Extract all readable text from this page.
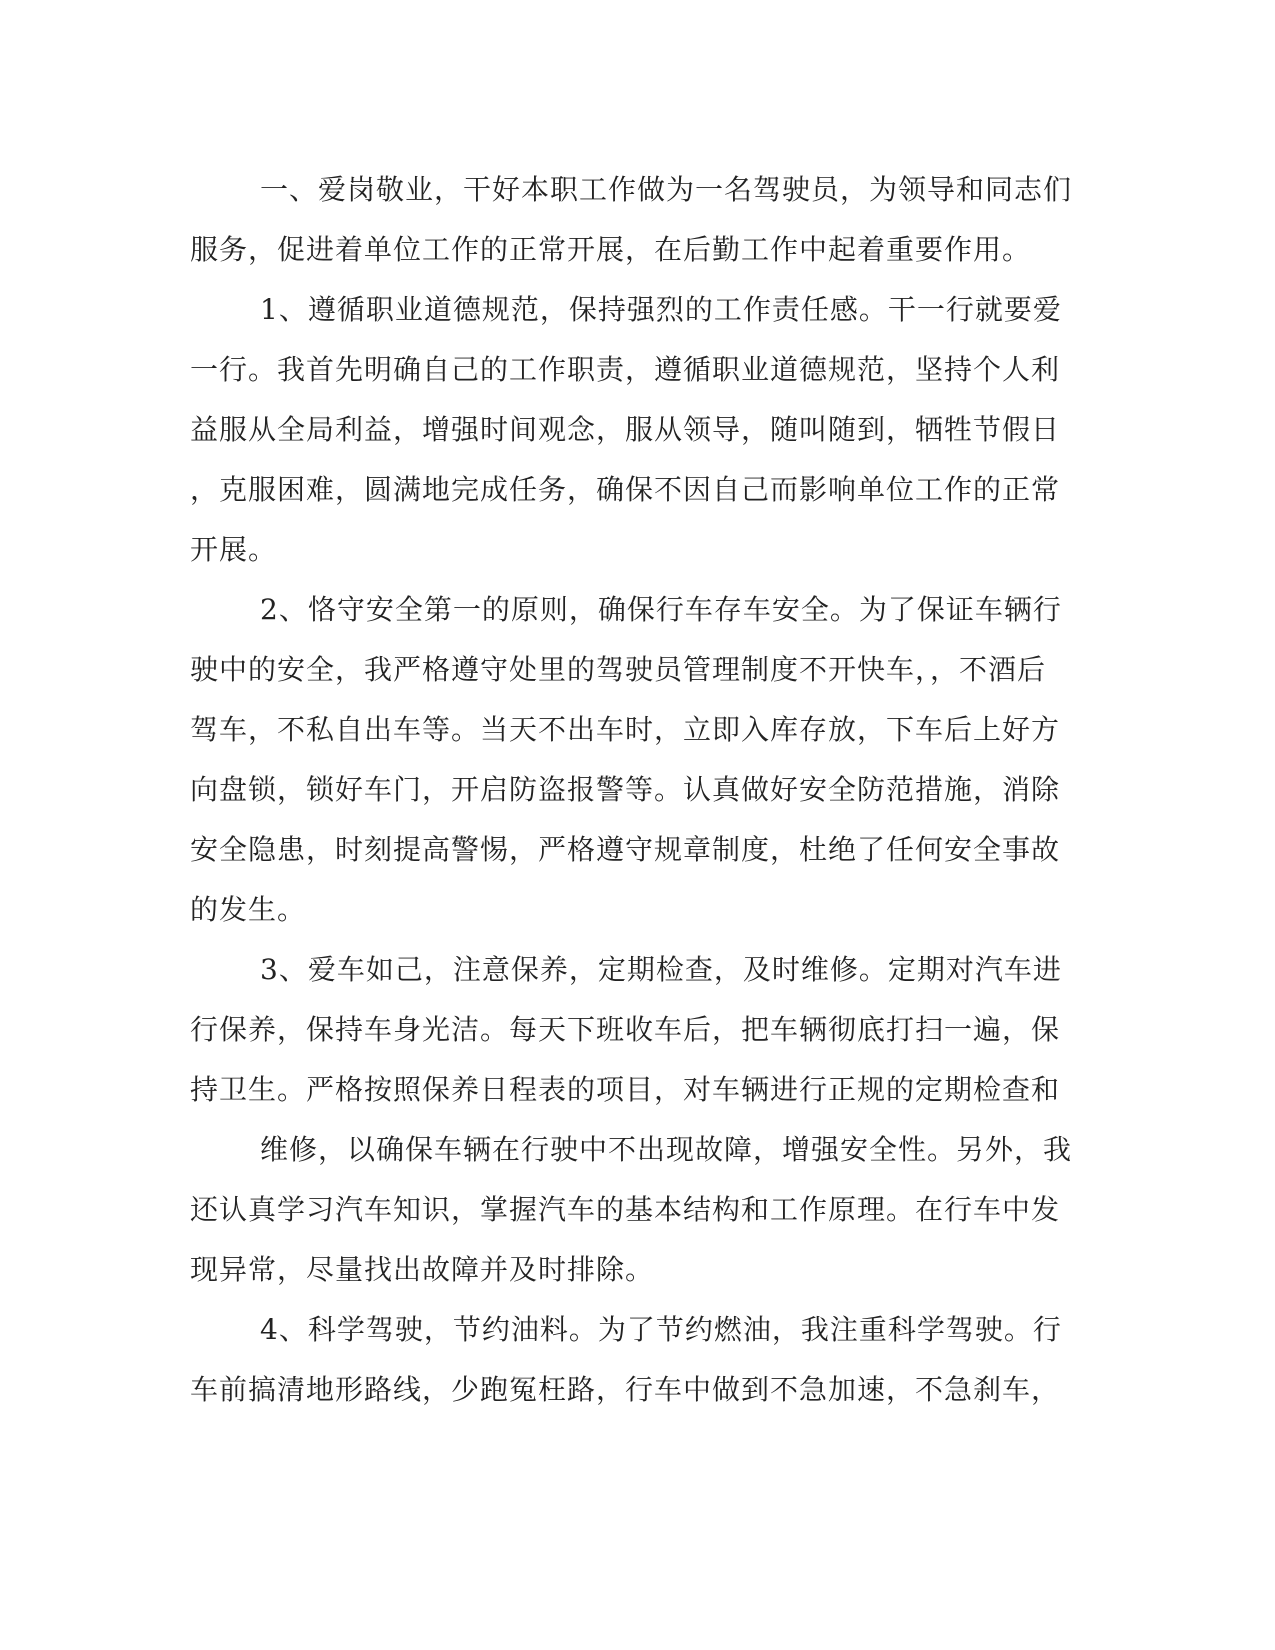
一、爱岗敬业，干好本职工作做为一名驾驶员，为领导和同志们
服务，促进着单位工作的正常开展，在后勤工作中起着重要作用。
1、遵循职业道德规范，保持强烈的工作责任感。干一行就要爱
一行。我首先明确自己的工作职责，遵循职业道德规范，坚持个人利
益服从全局利益，增强时间观念，服从领导，随叫随到，牺牲节假日
，克服困难，圆满地完成任务，确保不因自己而影响单位工作的正常
开展。
2、恪守安全第一的原则，确保行车存车安全。为了保证车辆行
驶中的安全，我严格遵守处里的驾驶员管理制度不开快车，，不酒后
驾车，不私自出车等。当天不出车时，立即入库存放，下车后上好方
向盘锁，锁好车门，开启防盗报警等。认真做好安全防范措施，消除
安全隐患，时刻提高警惕，严格遵守规章制度，杜绝了任何安全事故
的发生。
3、爱车如己，注意保养，定期检查，及时维修。定期对汽车进
行保养，保持车身光洁。每天下班收车后，把车辆彻底打扫一遍，保
持卫生。严格按照保养日程表的项目，对车辆进行正规的定期检查和
维修，以确保车辆在行驶中不出现故障，增强安全性。另外，我
还认真学习汽车知识，掌握汽车的基本结构和工作原理。在行车中发
现异常，尽量找出故障并及时排除。
4、科学驾驶，节约油料。为了节约燃油，我注重科学驾驶。行
车前搞清地形路线，少跑冤枉路，行车中做到不急加速，不急刹车，
